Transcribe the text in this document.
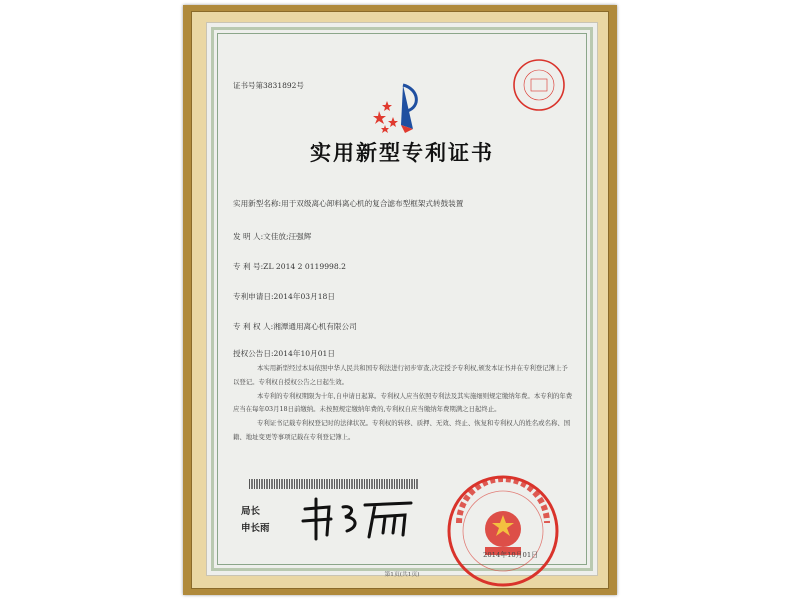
证书号第3831892号
实用新型专利证书
实用新型名称:用于双级离心卸料离心机的复合滤布型框架式转鼓装置
发 明 人:文佳放;汪强辉
专 利 号:ZL 2014 2 0119998.2
专利申请日:2014年03月18日
专 利 权 人:湘潭通用离心机有限公司
授权公告日:2014年10月01日

本实用新型经过本局依照中华人民共和国专利法进行初步审查,决定授予专利权,颁发本证书并在专利登记簿上予以登记。专利权自授权公告之日起生效。

本专利的专利权期限为十年,自申请日起算。专利权人应当依照专利法及其实施细则规定缴纳年费。本专利的年费应当在每年03月18日前缴纳。未按照规定缴纳年费的,专利权自应当缴纳年费期满之日起终止。

专利证书记载专利权登记时的法律状况。专利权的转移、质押、无效、终止、恢复和专利权人的姓名或名称、国籍、地址变更等事项记载在专利登记簿上。

局长
申长雨
2014年10月01日
第1页(共1页)
